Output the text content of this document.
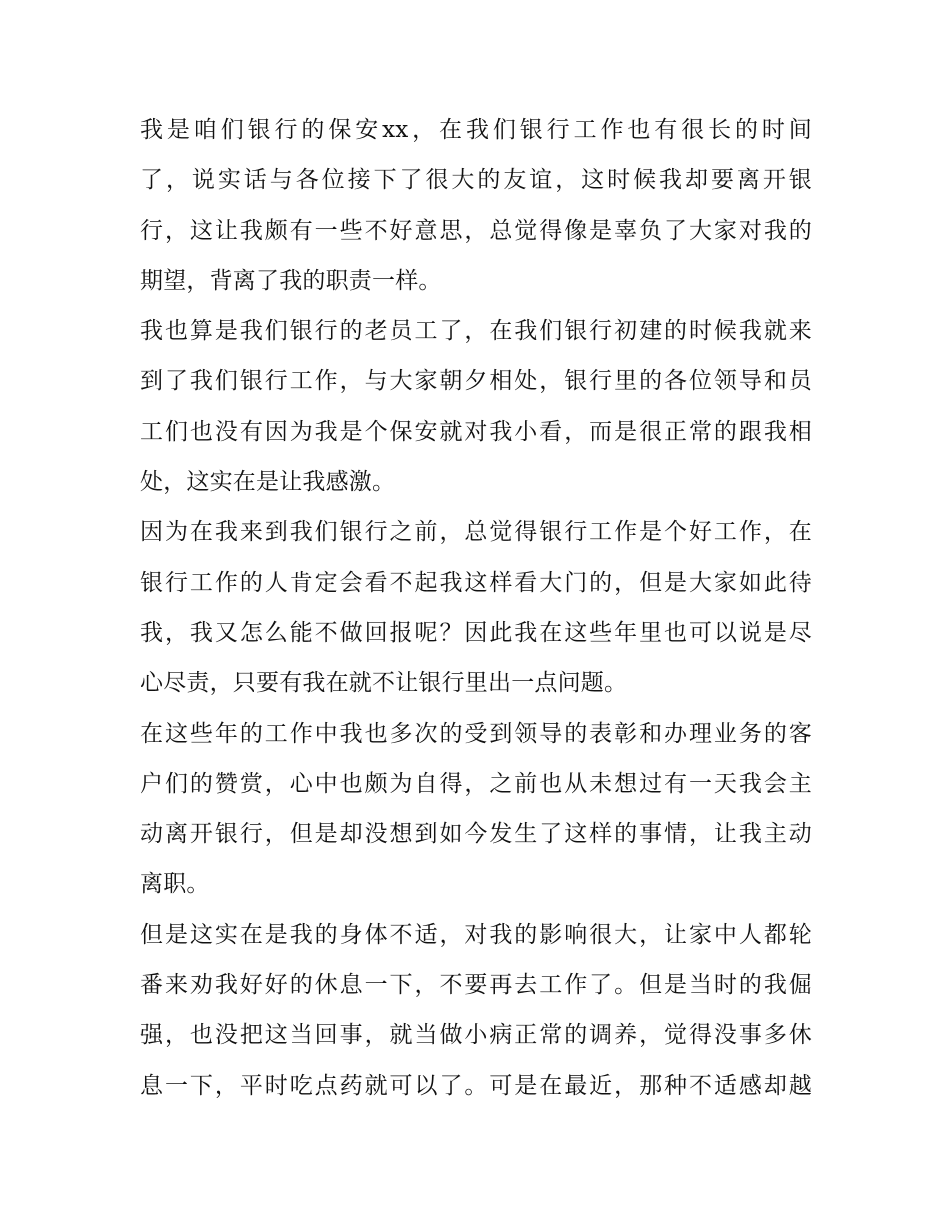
我是咱们银行的保安xx，在我们银行工作也有很长的时间
了，说实话与各位接下了很大的友谊，这时候我却要离开银
行，这让我颇有一些不好意思，总觉得像是辜负了大家对我的
期望，背离了我的职责一样。
我也算是我们银行的老员工了，在我们银行初建的时候我就来
到了我们银行工作，与大家朝夕相处，银行里的各位领导和员
工们也没有因为我是个保安就对我小看，而是很正常的跟我相
处，这实在是让我感激。
因为在我来到我们银行之前，总觉得银行工作是个好工作，在
银行工作的人肯定会看不起我这样看大门的，但是大家如此待
我，我又怎么能不做回报呢？因此我在这些年里也可以说是尽
心尽责，只要有我在就不让银行里出一点问题。
在这些年的工作中我也多次的受到领导的表彰和办理业务的客
户们的赞赏，心中也颇为自得，之前也从未想过有一天我会主
动离开银行，但是却没想到如今发生了这样的事情，让我主动
离职。
但是这实在是我的身体不适，对我的影响很大，让家中人都轮
番来劝我好好的休息一下，不要再去工作了。但是当时的我倔
强，也没把这当回事，就当做小病正常的调养，觉得没事多休
息一下，平时吃点药就可以了。可是在最近，那种不适感却越
